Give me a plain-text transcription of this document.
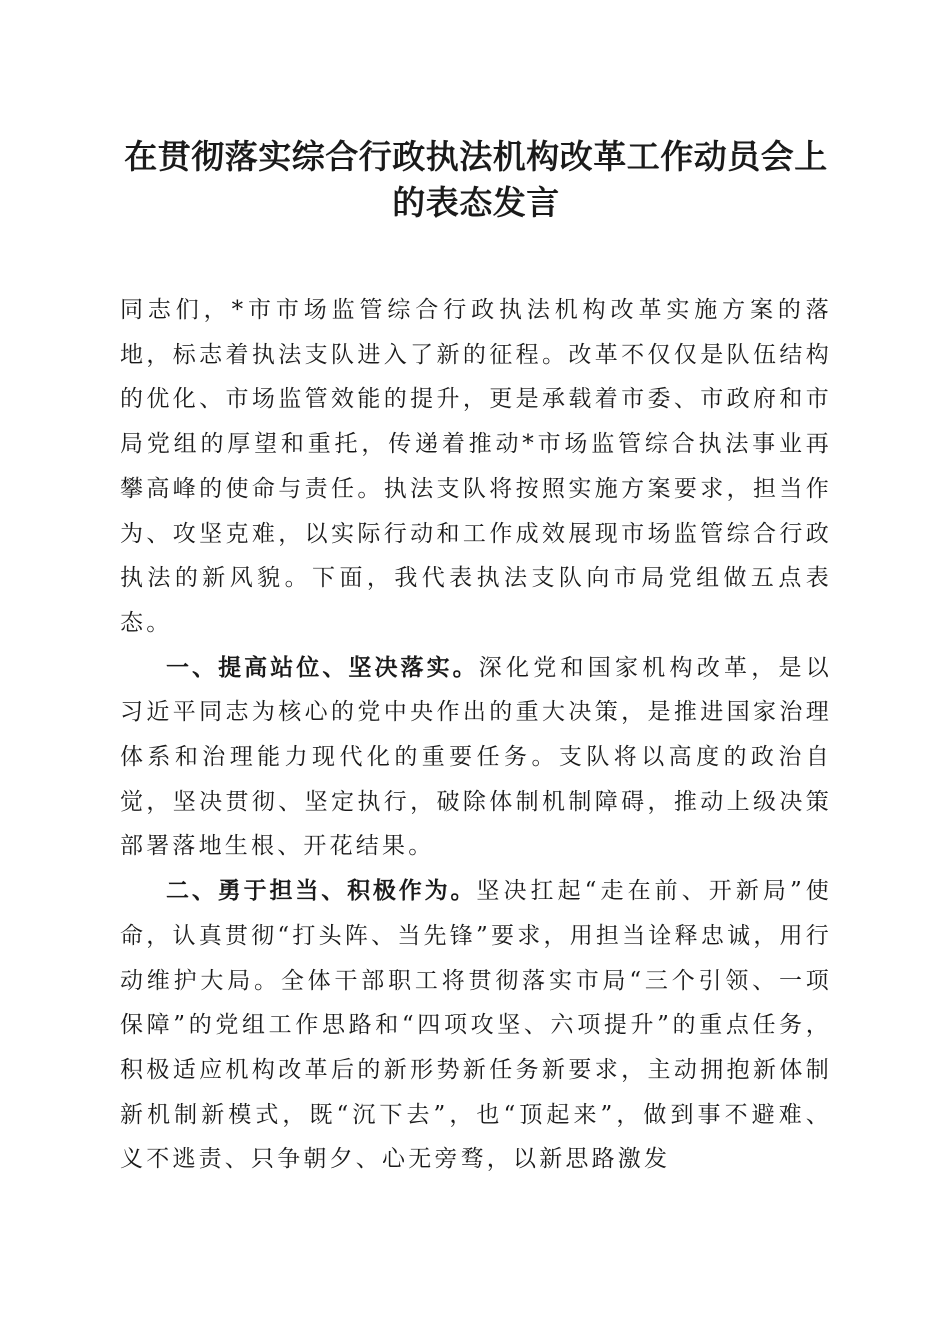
在贯彻落实综合行政执法机构改革工作动员会上的表态发言

同志们，*市市场监管综合行政执法机构改革实施方案的落地，标志着执法支队进入了新的征程。改革不仅仅是队伍结构的优化、市场监管效能的提升，更是承载着市委、市政府和市局党组的厚望和重托，传递着推动*市场监管综合执法事业再攀高峰的使命与责任。执法支队将按照实施方案要求，担当作为、攻坚克难，以实际行动和工作成效展现市场监管综合行政执法的新风貌。下面，我代表执法支队向市局党组做五点表态。

一、提高站位、坚决落实。深化党和国家机构改革，是以习近平同志为核心的党中央作出的重大决策，是推进国家治理体系和治理能力现代化的重要任务。支队将以高度的政治自觉，坚决贯彻、坚定执行，破除体制机制障碍，推动上级决策部署落地生根、开花结果。

二、勇于担当、积极作为。坚决扛起“走在前、开新局”使命，认真贯彻“打头阵、当先锋”要求，用担当诠释忠诚，用行动维护大局。全体干部职工将贯彻落实市局“三个引领、一项保障”的党组工作思路和“四项攻坚、六项提升”的重点任务，积极适应机构改革后的新形势新任务新要求，主动拥抱新体制新机制新模式，既“沉下去”，也“顶起来”，做到事不避难、义不逃责、只争朝夕、心无旁骛，以新思路激发
